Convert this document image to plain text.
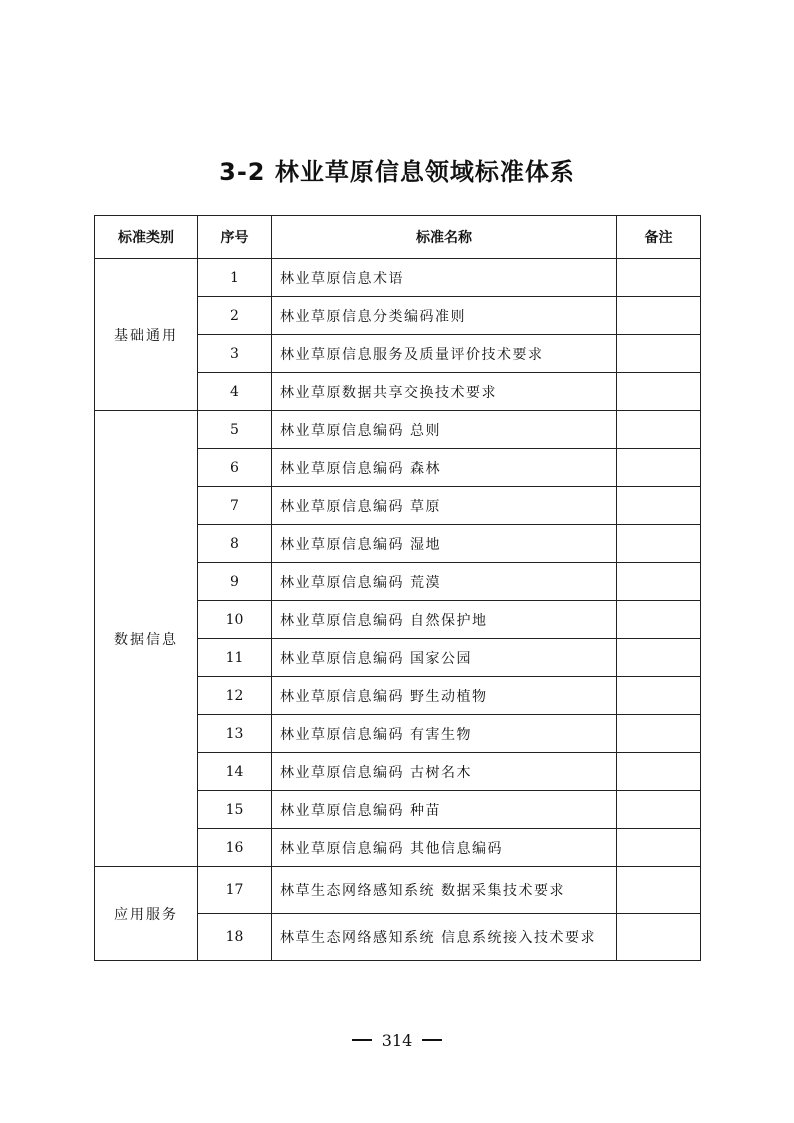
3-2 林业草原信息领域标准体系
标准类别	序号	标准名称	备注
基础通用	1	林业草原信息术语	
	2	林业草原信息分类编码准则	
	3	林业草原信息服务及质量评价技术要求	
	4	林业草原数据共享交换技术要求	
数据信息	5	林业草原信息编码 总则	
	6	林业草原信息编码 森林	
	7	林业草原信息编码 草原	
	8	林业草原信息编码 湿地	
	9	林业草原信息编码 荒漠	
	10	林业草原信息编码 自然保护地	
	11	林业草原信息编码 国家公园	
	12	林业草原信息编码 野生动植物	
	13	林业草原信息编码 有害生物	
	14	林业草原信息编码 古树名木	
	15	林业草原信息编码 种苗	
	16	林业草原信息编码 其他信息编码	
应用服务	17	林草生态网络感知系统 数据采集技术要求	
	18	林草生态网络感知系统 信息系统接入技术要求	
314
